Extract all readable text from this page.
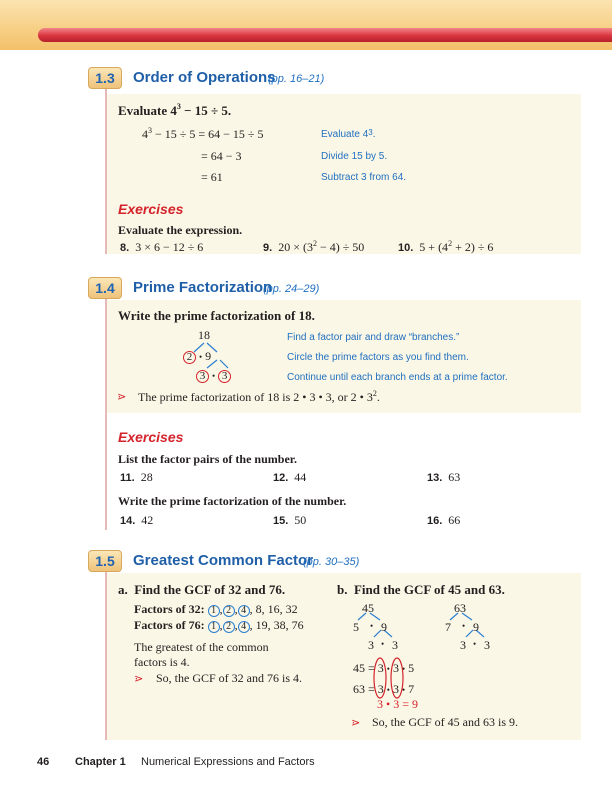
1.3	Order of Operations
(pp. 16–21)
Evaluate $4^3 - 15 \div 5$.
$4^3 - 15 \div 5 = 64 - 15 \div 5$	Evaluate $4^3$.
= 64 − 3	Divide 15 by 5.
= 61	Subtract 3 from 64.
Exercises
Evaluate the expression.
8. 3 × 6 − 12 ÷ 6	9. $20 \times (3^2 - 4) \div 50$	10. $5 + (4^2 + 2) \div 6$
1.4	Prime Factorization
(pp. 24–29)
Write the prime factorization of 18.
18
2 • 9
3 • 3
Find a factor pair and draw “branches.”
Circle the prime factors as you find them.
Continue until each branch ends at a prime factor.
⋗ The prime factorization of 18 is 2 • 3 • 3, or 2 • $3^2$.
Exercises
List the factor pairs of the number.
11. 28	12. 44	13. 63
Write the prime factorization of the number.
14. 42	15. 50	16. 66
1.5	Greatest Common Factor
(pp. 30–35)
a. Find the GCF of 32 and 76.
Factors of 32: 1 , 2 , 4 , 8, 16, 32
Factors of 76: 1 , 2 , 4 , 19, 38, 76
The greatest of the common
factors is 4.
⋗	So, the GCF of 32 and 76 is 4.
b. Find the GCF of 45 and 63.
45
5 • 9
3 • 3
63
7 • 9
3 • 3
45 = 3 • 3 • 5
63 = 3 • 3 • 7
3 • 3 = 9
⋗ So, the GCF of 45 and 63 is 9.
46 Chapter 1 Numerical Expressions and Factors
